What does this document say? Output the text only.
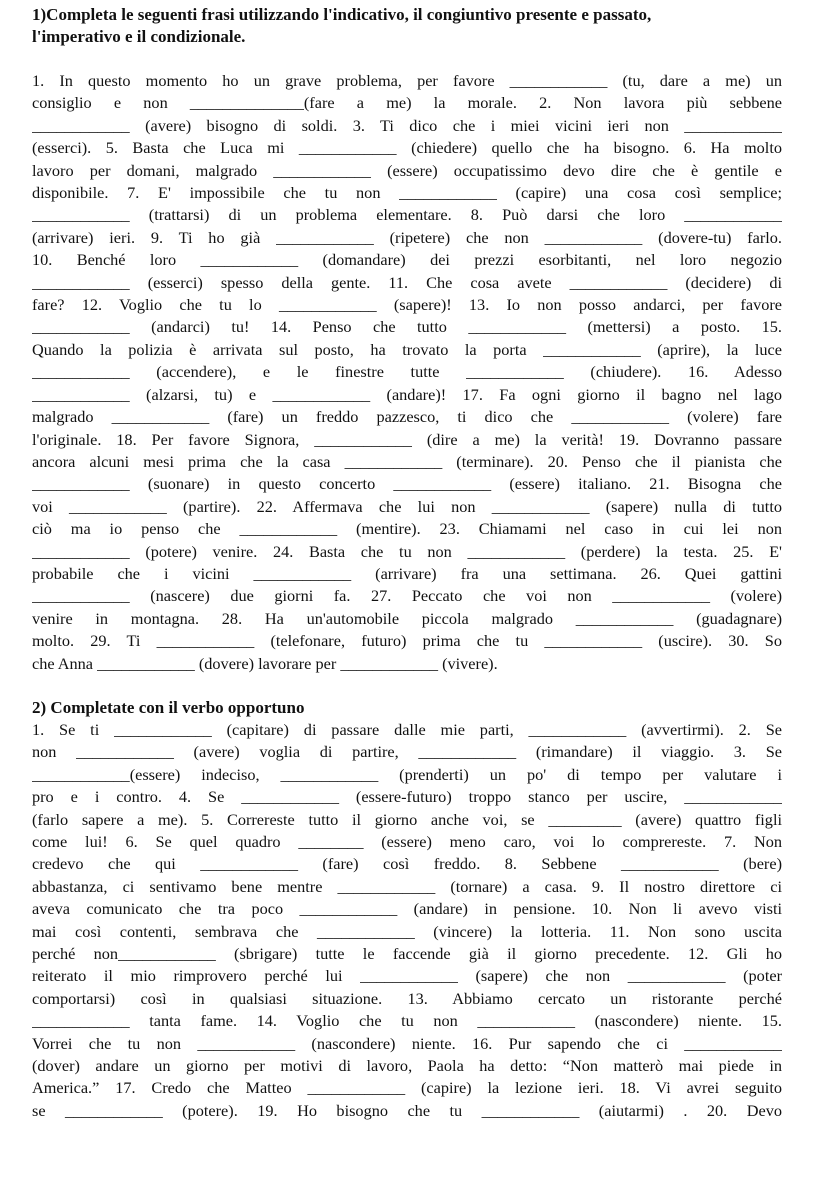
1)Completa le seguenti frasi utilizzando l'indicativo, il congiuntivo presente e passato,
l'imperativo e il condizionale.
1. In questo momento ho un grave problema, per favore ____________ (tu, dare a me) un
consiglio e non ______________(fare a me) la morale. 2. Non lavora più sebbene
____________ (avere) bisogno di soldi. 3. Ti dico che i miei vicini ieri non ____________
(esserci). 5. Basta che Luca mi ____________ (chiedere) quello che ha bisogno. 6. Ha molto
lavoro per domani, malgrado ____________ (essere) occupatissimo devo dire che è gentile e
disponibile. 7. E' impossibile che tu non ____________ (capire) una cosa così semplice;
____________ (trattarsi) di un problema elementare. 8. Può darsi che loro ____________
(arrivare) ieri. 9. Ti ho già ____________ (ripetere) che non ____________ (dovere-tu) farlo.
10. Benché loro ____________ (domandare) dei prezzi esorbitanti, nel loro negozio
____________ (esserci) spesso della gente. 11. Che cosa avete ____________ (decidere) di
fare? 12. Voglio che tu lo ____________ (sapere)! 13. Io non posso andarci, per favore
____________ (andarci) tu! 14. Penso che tutto ____________ (mettersi) a posto. 15.
Quando la polizia è arrivata sul posto, ha trovato la porta ____________ (aprire), la luce
____________ (accendere), e le finestre tutte ____________ (chiudere). 16. Adesso
____________ (alzarsi, tu) e ____________ (andare)! 17. Fa ogni giorno il bagno nel lago
malgrado ____________ (fare) un freddo pazzesco, ti dico che ____________ (volere) fare
l'originale. 18. Per favore Signora, ____________ (dire a me) la verità! 19. Dovranno passare
ancora alcuni mesi prima che la casa ____________ (terminare). 20. Penso che il pianista che
____________ (suonare) in questo concerto ____________ (essere) italiano. 21. Bisogna che
voi ____________ (partire). 22. Affermava che lui non ____________ (sapere) nulla di tutto
ciò ma io penso che ____________ (mentire). 23. Chiamami nel caso in cui lei non
____________ (potere) venire. 24. Basta che tu non ____________ (perdere) la testa. 25. E'
probabile che i vicini ____________ (arrivare) fra una settimana. 26. Quei gattini
____________ (nascere) due giorni fa. 27. Peccato che voi non ____________ (volere)
venire in montagna. 28. Ha un'automobile piccola malgrado ____________ (guadagnare)
molto. 29. Ti ____________ (telefonare, futuro) prima che tu ____________ (uscire). 30. So
che Anna ____________ (dovere) lavorare per ____________ (vivere).
2) Completate con il verbo opportuno
1. Se ti ____________ (capitare) di passare dalle mie parti, ____________ (avvertirmi). 2. Se
non ____________ (avere) voglia di partire, ____________ (rimandare) il viaggio. 3. Se
____________(essere) indeciso, ____________ (prenderti) un po' di tempo per valutare i
pro e i contro. 4. Se ____________ (essere-futuro) troppo stanco per uscire, ____________
(farlo sapere a me). 5. Correreste tutto il giorno anche voi, se _________ (avere) quattro figli
come lui! 6. Se quel quadro ________ (essere) meno caro, voi lo comprereste. 7. Non
credevo che qui ____________ (fare) così freddo. 8. Sebbene ____________ (bere)
abbastanza, ci sentivamo bene mentre ____________ (tornare) a casa. 9. Il nostro direttore ci
aveva comunicato che tra poco ____________ (andare) in pensione. 10. Non li avevo visti
mai così contenti, sembrava che ____________ (vincere) la lotteria. 11. Non sono uscita
perché non____________ (sbrigare) tutte le faccende già il giorno precedente. 12. Gli ho
reiterato il mio rimprovero perché lui ____________ (sapere) che non ____________ (poter
comportarsi) così in qualsiasi situazione. 13. Abbiamo cercato un ristorante perché
____________ tanta fame. 14. Voglio che tu non ____________ (nascondere) niente. 15.
Vorrei che tu non ____________ (nascondere) niente. 16. Pur sapendo che ci ____________
(dover) andare un giorno per motivi di lavoro, Paola ha detto: “Non matterò mai piede in
America.” 17. Credo che Matteo ____________ (capire) la lezione ieri. 18. Vi avrei seguito
se ____________ (potere). 19. Ho bisogno che tu ____________ (aiutarmi) . 20. Devo
